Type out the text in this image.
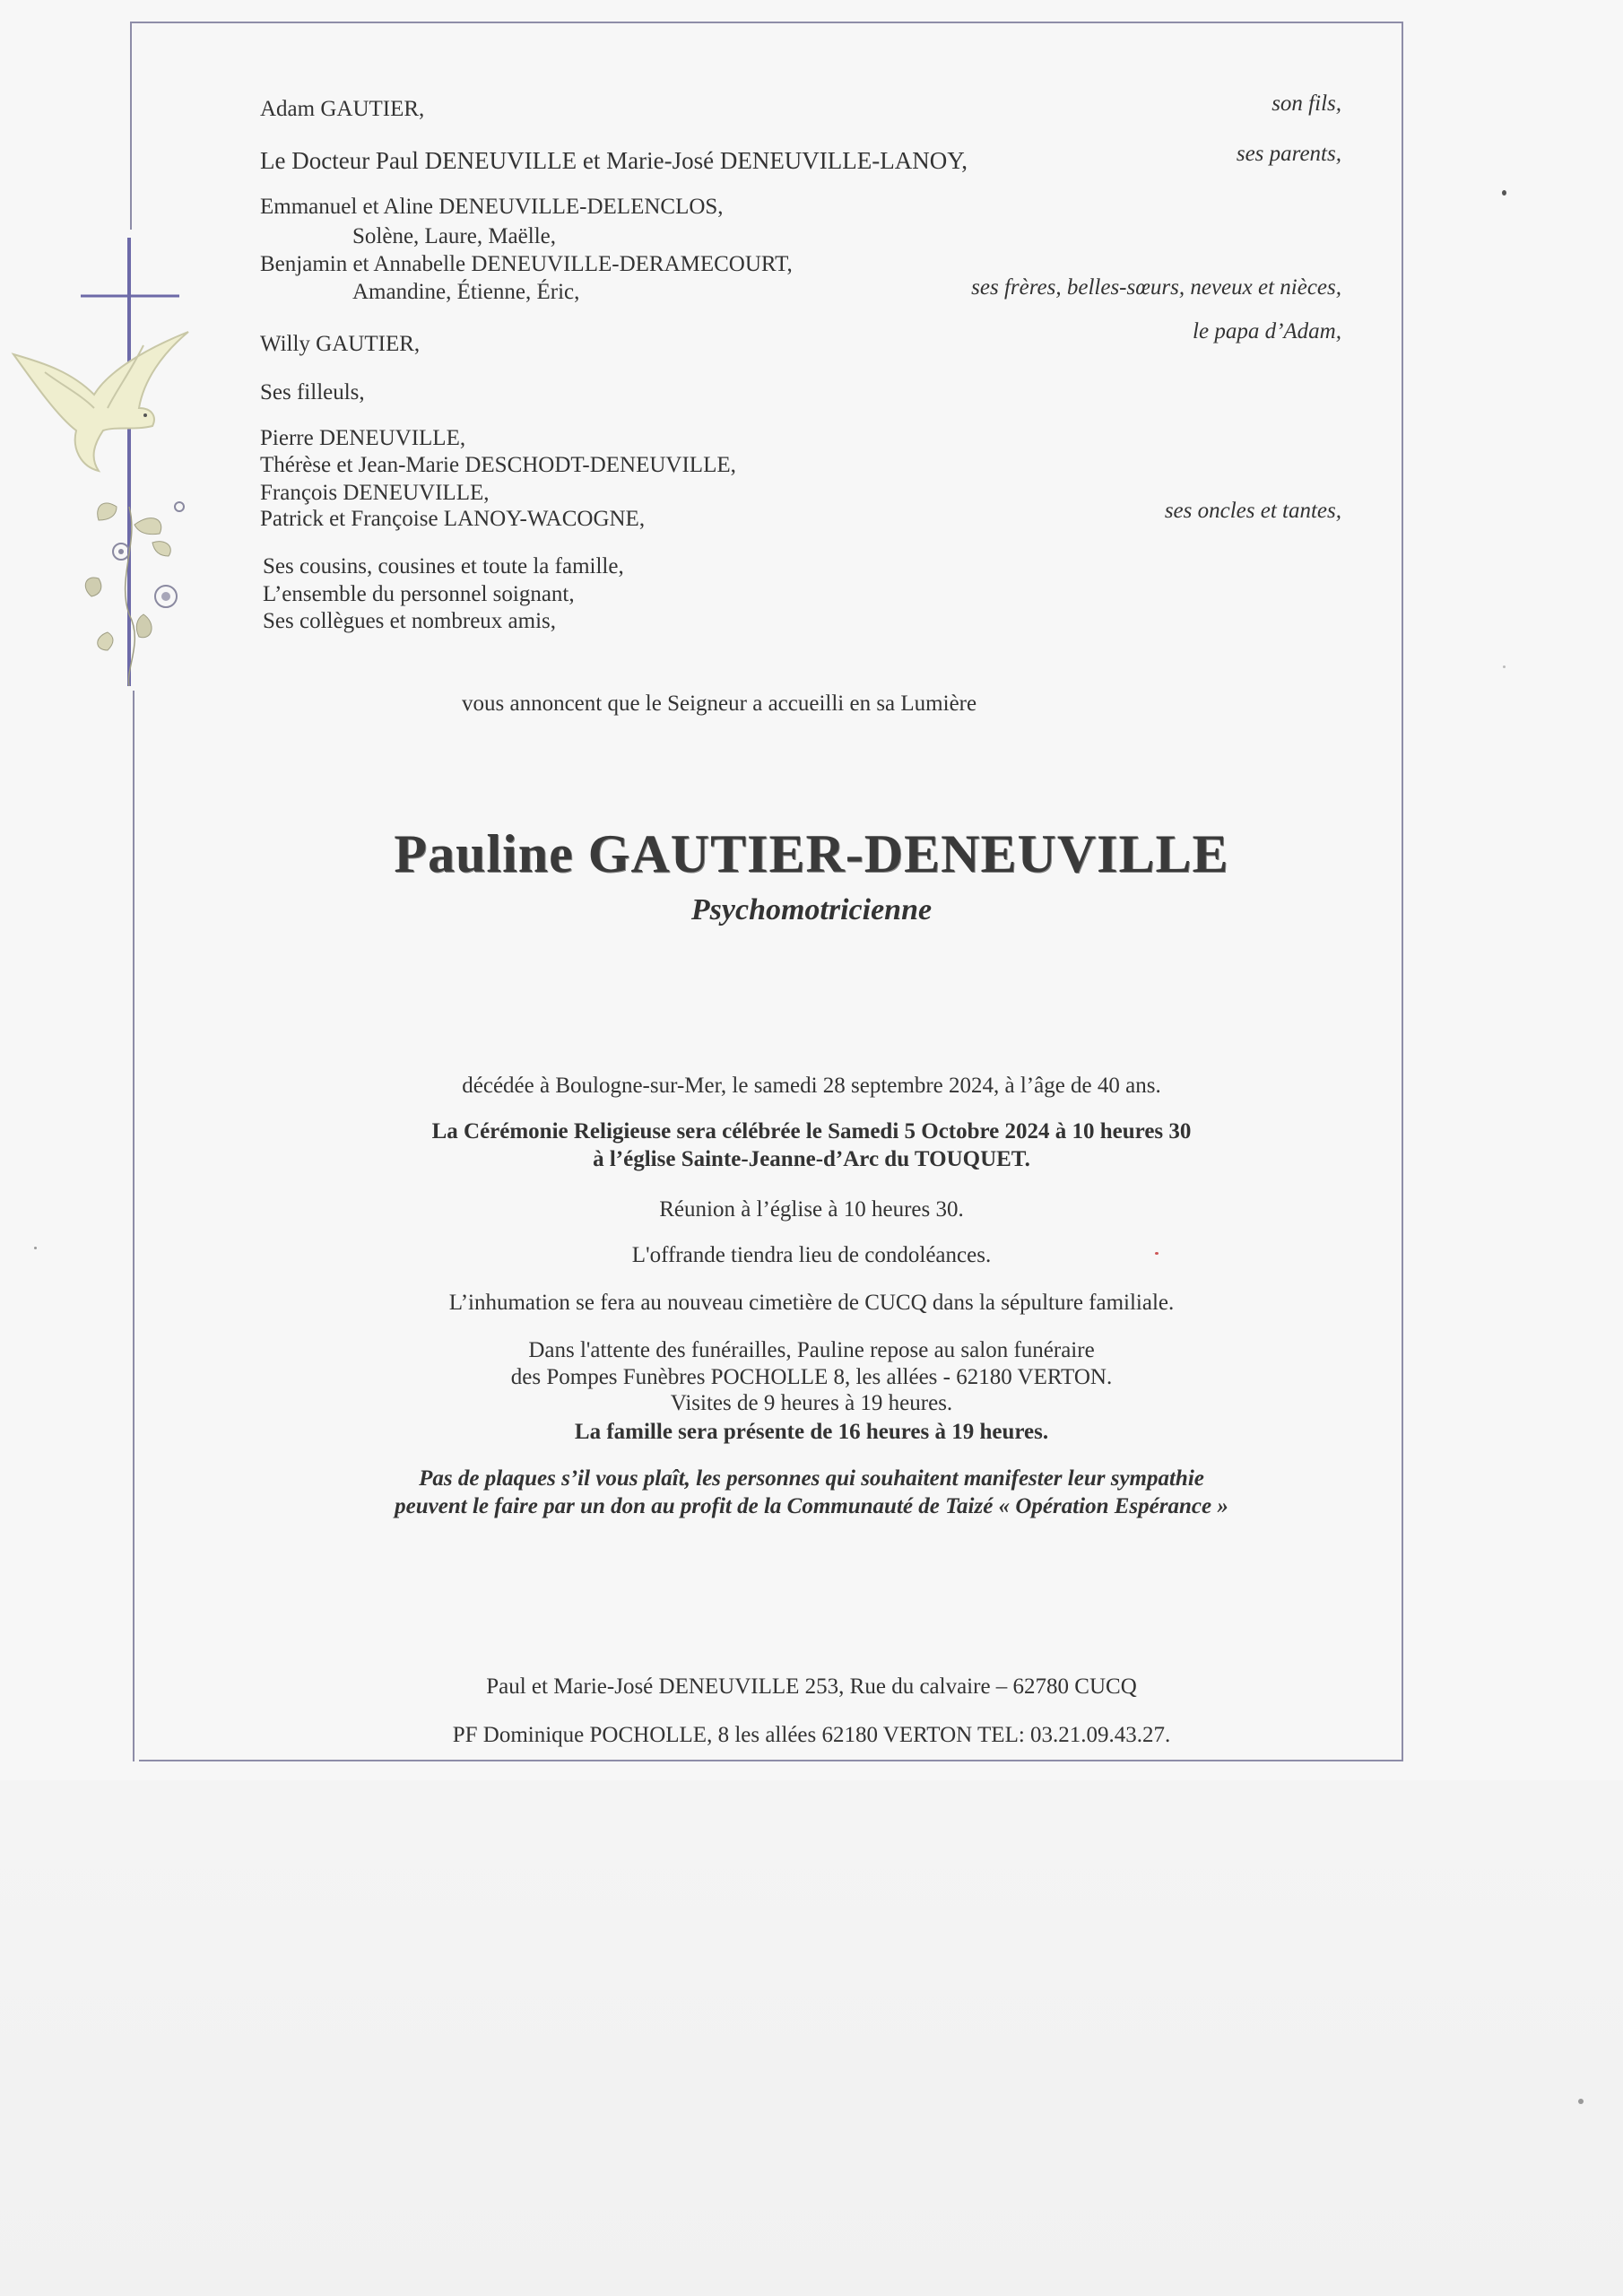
Adam GAUTIER,	son fils,
Le Docteur Paul DENEUVILLE et Marie-José DENEUVILLE-LANOY,	ses parents,
Emmanuel et Aline DENEUVILLE-DELENCLOS,
Solène, Laure, Maëlle,
Benjamin et Annabelle DENEUVILLE-DERAMECOURT,
Amandine, Étienne, Éric,	ses frères, belles-sœurs, neveux et nièces,
Willy GAUTIER,
le papa d’Adam,
Ses filleuls,
Pierre DENEUVILLE,
Thérèse et Jean-Marie DESCHODT-DENEUVILLE,
François DENEUVILLE,
Patrick et Françoise LANOY-WACOGNE,	ses oncles et tantes,
Ses cousins, cousines et toute la famille,
L’ensemble du personnel soignant,
Ses collègues et nombreux amis,
vous annoncent que le Seigneur a accueilli en sa Lumière
Pauline GAUTIER-DENEUVILLE
Psychomotricienne
décédée à Boulogne-sur-Mer, le samedi 28 septembre 2024, à l’âge de 40 ans.
La Cérémonie Religieuse sera célébrée le Samedi 5 Octobre 2024 à 10 heures 30
à l’église Sainte-Jeanne-d’Arc du TOUQUET.
Réunion à l’église à 10 heures 30.
L'offrande tiendra lieu de condoléances.
L’inhumation se fera au nouveau cimetière de CUCQ dans la sépulture familiale.
Dans l'attente des funérailles, Pauline repose au salon funéraire
des Pompes Funèbres POCHOLLE 8, les allées - 62180 VERTON.
Visites de 9 heures à 19 heures.
La famille sera présente de 16 heures à 19 heures.
Pas de plaques s’il vous plaît, les personnes qui souhaitent manifester leur sympathie
peuvent le faire par un don au profit de la Communauté de Taizé « Opération Espérance »
Paul et Marie-José DENEUVILLE 253, Rue du calvaire – 62780 CUCQ
PF Dominique POCHOLLE, 8 les allées 62180 VERTON TEL: 03.21.09.43.27.
